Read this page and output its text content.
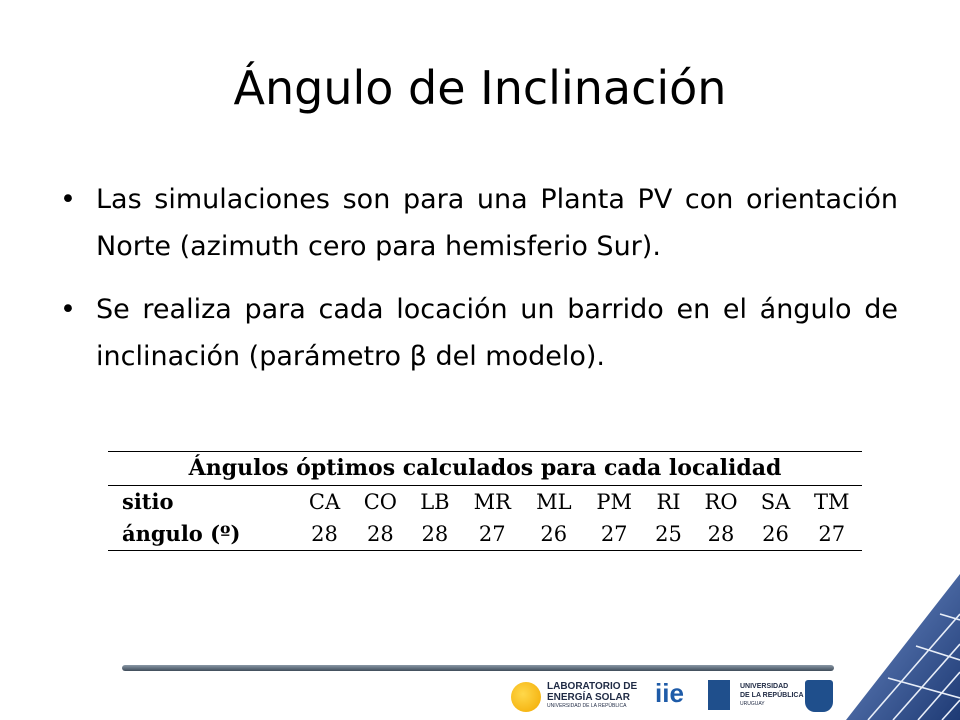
Ángulo de Inclinación
• Las simulaciones son para una Planta PV con orientación Norte (azimuth cero para hemisferio Sur).
• Se realiza para cada locación un barrido en el ángulo de inclinación (parámetro β del modelo).
Ángulos óptimos calculados para cada localidad
sitio	CA	CO	LB	MR	ML	PM	RI	RO	SA	TM
ángulo (º)	28	28	28	27	26	27	25	28	26	27
LABORATORIO DE
ENERGÍA SOLAR
UNIVERSIDAD DE LA REPÚBLICA	iie	UNIVERSIDAD
DE LA REPÚBLICA
URUGUAY
